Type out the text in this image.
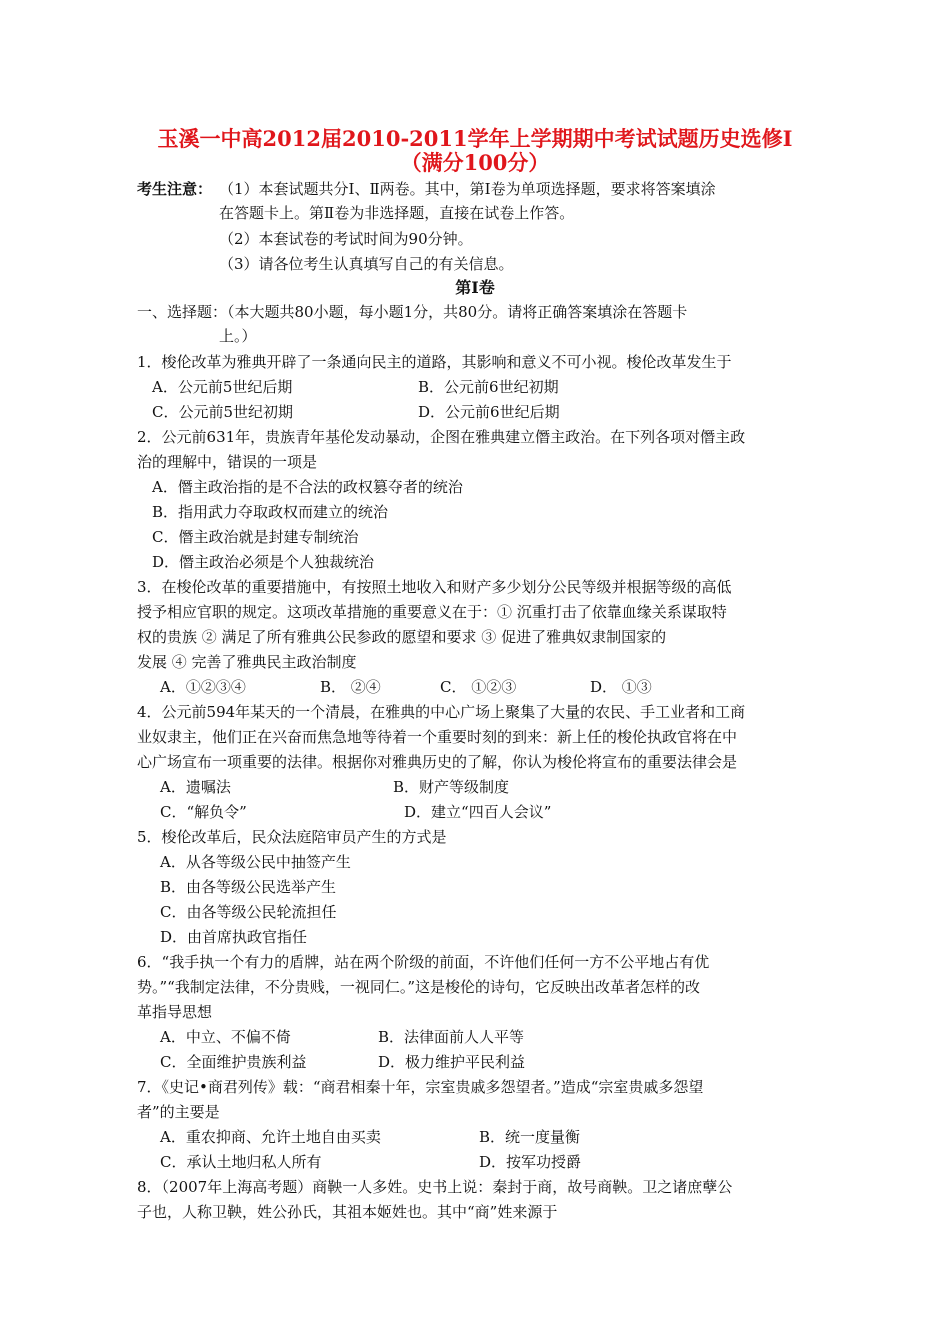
玉溪一中高2012届2010-2011学年上学期期中考试试题历史选修Ⅰ
（满分100分）
考生注意： （1）本套试题共分Ⅰ、Ⅱ两卷。其中，第Ⅰ卷为单项选择题，要求将答案填涂
在答题卡上。第Ⅱ卷为非选择题，直接在试卷上作答。
（2）本套试卷的考试时间为90分钟。
（3）请各位考生认真填写自己的有关信息。
第Ⅰ卷
一、选择题：（本大题共80小题，每小题1分，共80分。请将正确答案填涂在答题卡
上。）
1．梭伦改革为雅典开辟了一条通向民主的道路，其影响和意义不可小视。梭伦改革发生于
A．公元前5世纪后期	B．公元前6世纪初期
C．公元前5世纪初期	D．公元前6世纪后期
2．公元前631年，贵族青年基伦发动暴动，企图在雅典建立僭主政治。在下列各项对僭主政
治的理解中，错误的一项是
A．僭主政治指的是不合法的政权篡夺者的统治
B．指用武力夺取政权而建立的统治
C．僭主政治就是封建专制统治
D．僭主政治必须是个人独裁统治
3．在梭伦改革的重要措施中，有按照土地收入和财产多少划分公民等级并根据等级的高低
授予相应官职的规定。这项改革措施的重要意义在于：① 沉重打击了依靠血缘关系谋取特
权的贵族 ② 满足了所有雅典公民参政的愿望和要求 ③ 促进了雅典奴隶制国家的
发展 ④ 完善了雅典民主政治制度
A．①②③④	B． ②④	C． ①②③	D． ①③
4．公元前594年某天的一个清晨，在雅典的中心广场上聚集了大量的农民、手工业者和工商
业奴隶主，他们正在兴奋而焦急地等待着一个重要时刻的到来：新上任的梭伦执政官将在中
心广场宣布一项重要的法律。根据你对雅典历史的了解，你认为梭伦将宣布的重要法律会是
A．遗嘱法	B．财产等级制度
C．“解负令”	D．建立“四百人会议”
5．梭伦改革后，民众法庭陪审员产生的方式是
A．从各等级公民中抽签产生
B．由各等级公民选举产生
C．由各等级公民轮流担任
D．由首席执政官指任
6．“我手执一个有力的盾牌，站在两个阶级的前面，不许他们任何一方不公平地占有优
势。”“我制定法律，不分贵贱，一视同仁。”这是梭伦的诗句，它反映出改革者怎样的改
革指导思想
A．中立、不偏不倚	B．法律面前人人平等
C．全面维护贵族利益	D．极力维护平民利益
7．《史记•商君列传》载：“商君相秦十年，宗室贵戚多怨望者。”造成“宗室贵戚多怨望
者”的主要是
A．重农抑商、允许土地自由买卖	B．统一度量衡
C．承认土地归私人所有	D．按军功授爵
8．（2007年上海高考题）商鞅一人多姓。史书上说：秦封于商，故号商鞅。卫之诸庶孽公
子也，人称卫鞅，姓公孙氏，其祖本姬姓也。其中“商”姓来源于
